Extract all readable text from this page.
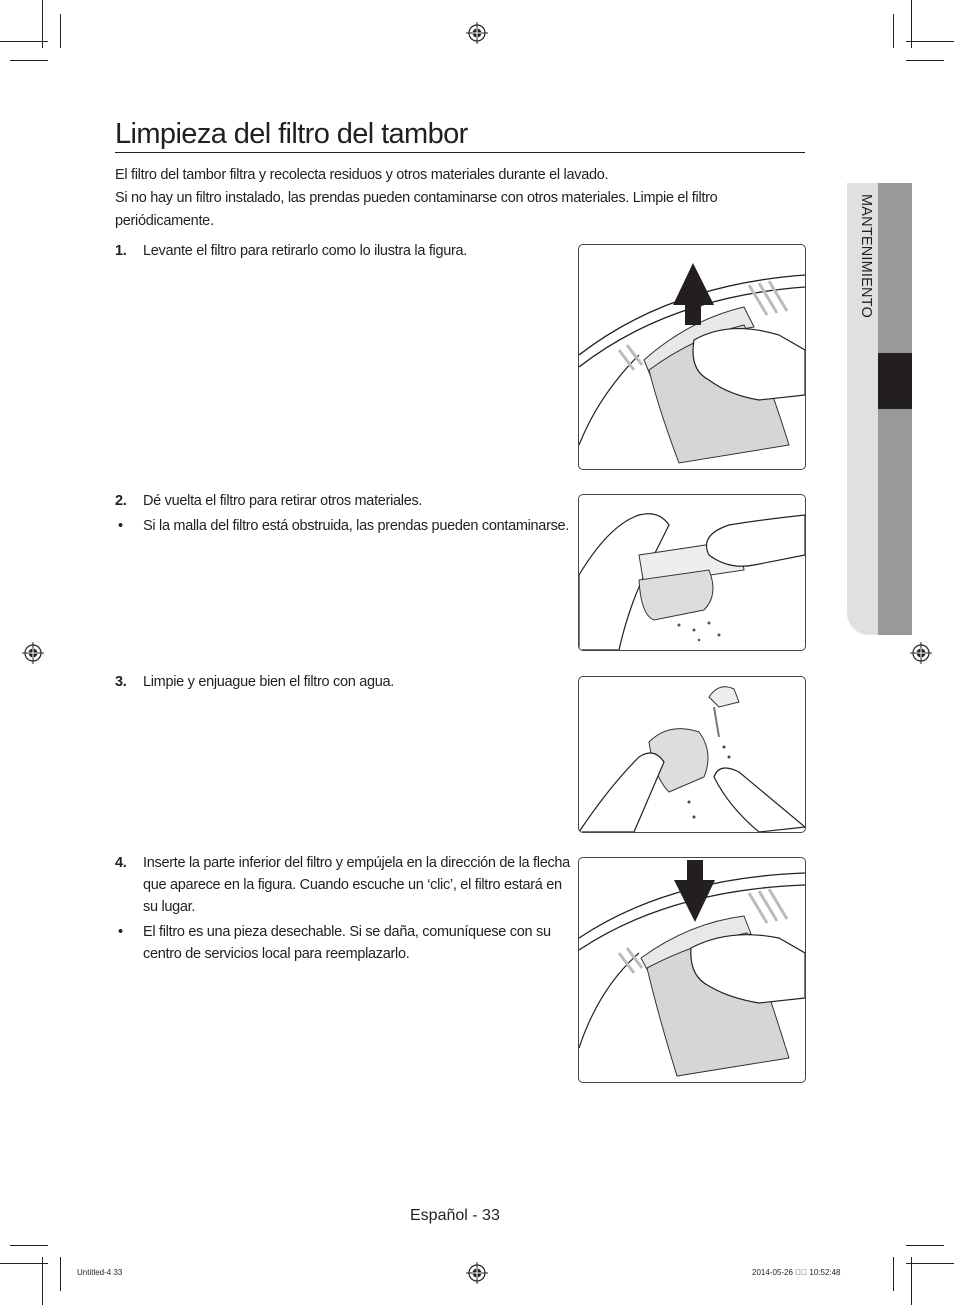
Limpieza del filtro del tambor
El filtro del tambor filtra y recolecta residuos y otros materiales durante el lavado.
Si no hay un filtro instalado, las prendas pueden contaminarse con otros materiales. Limpie el filtro
periódicamente.
1. Levante el filtro para retirarlo como lo ilustra la figura.
2. Dé vuelta el filtro para retirar otros materiales.
• Si la malla del filtro está obstruida, las prendas pueden contaminarse.
3. Limpie y enjuague bien el filtro con agua.
4. Inserte la parte inferior del filtro y empújela en la dirección de la flecha
que aparece en la figura. Cuando escuche un ‘clic’, el filtro estará en
su lugar.
• El filtro es una pieza desechable. Si se daña, comuníquese con su
centro de servicios local para reemplazarlo.
MANTENIMIENTO
Español - 33
Untitled-4 33	2014-05-26 ￿￿ 10:52:48
